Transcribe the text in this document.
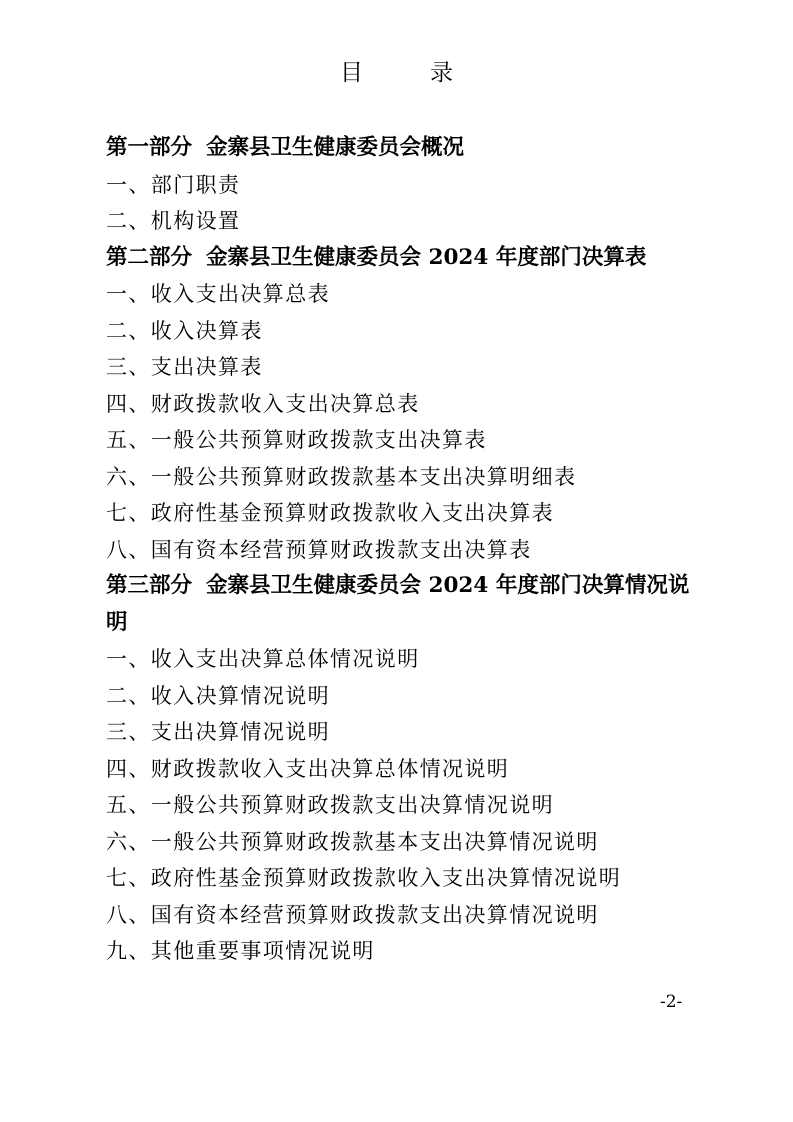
目　录
第一部分 金寨县卫生健康委员会概况
一、部门职责
二、机构设置
第二部分 金寨县卫生健康委员会 2024 年度部门决算表
一、收入支出决算总表
二、收入决算表
三、支出决算表
四、财政拨款收入支出决算总表
五、一般公共预算财政拨款支出决算表
六、一般公共预算财政拨款基本支出决算明细表
七、政府性基金预算财政拨款收入支出决算表
八、国有资本经营预算财政拨款支出决算表
第三部分 金寨县卫生健康委员会 2024 年度部门决算情况说明
一、收入支出决算总体情况说明
二、收入决算情况说明
三、支出决算情况说明
四、财政拨款收入支出决算总体情况说明
五、一般公共预算财政拨款支出决算情况说明
六、一般公共预算财政拨款基本支出决算情况说明
七、政府性基金预算财政拨款收入支出决算情况说明
八、国有资本经营预算财政拨款支出决算情况说明
九、其他重要事项情况说明
-2-
